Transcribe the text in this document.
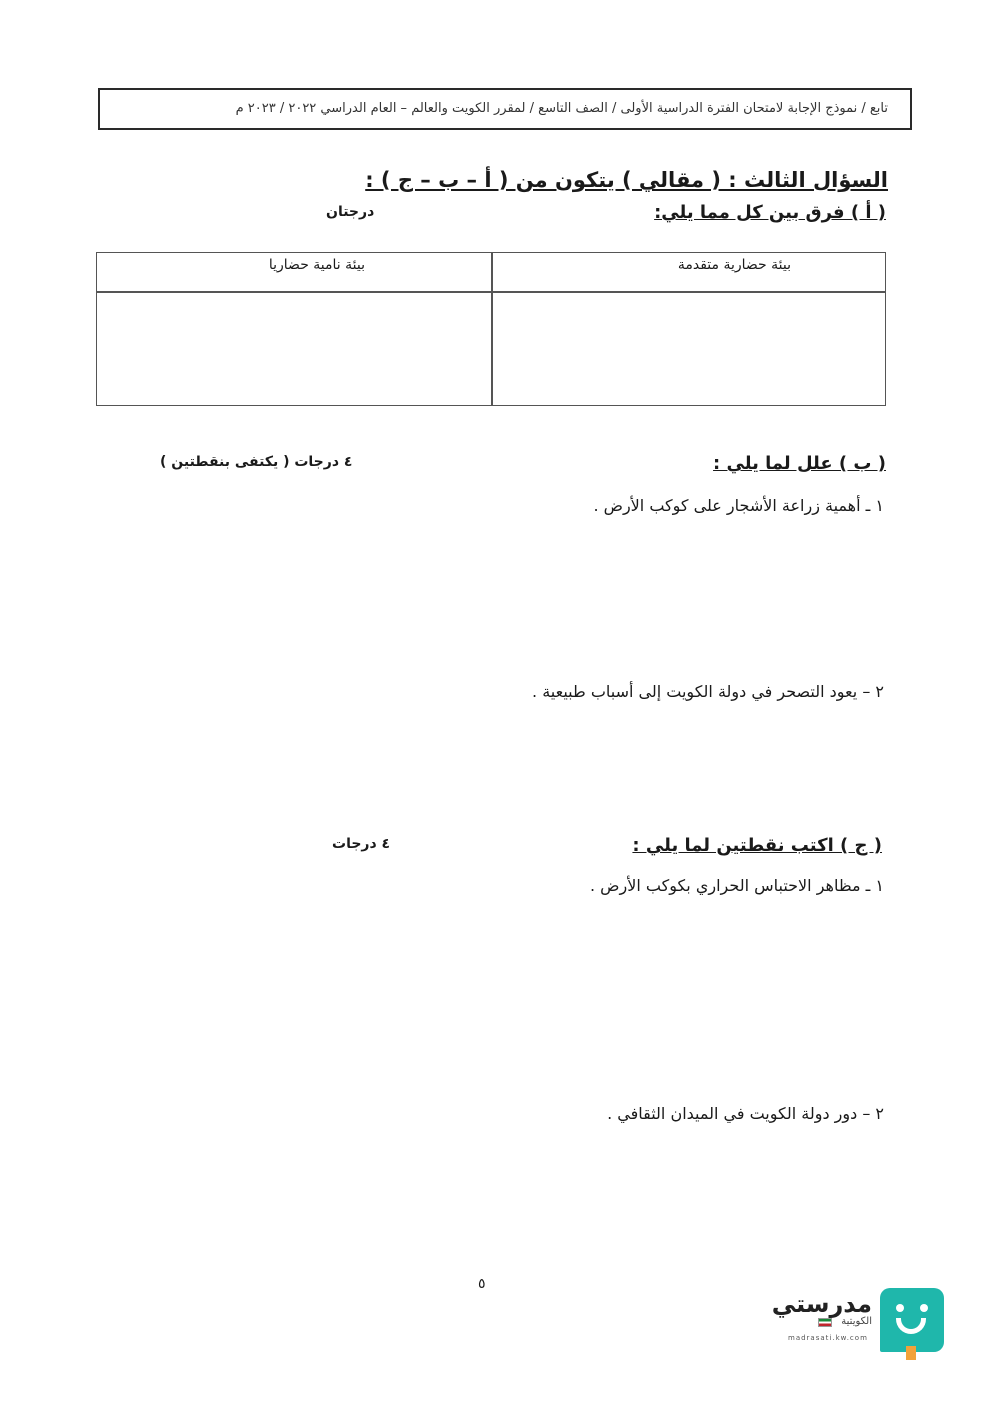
تابع / نموذج الإجابة لامتحان الفترة الدراسية الأولى / الصف التاسع / لمقرر الكويت والعالم – العام الدراسي ٢٠٢٢ / ٢٠٢٣ م
السؤال الثالث : ( مقالي ) يتكون من ( أ – ب – ج ) :
( أ ) فرق بين كل مما يلي:
درجتان
بيئة حضارية متقدمة
بيئة نامية حضاريا
( ب ) علل لما يلي :
٤ درجات ( يكتفى بنقطتين )
١ ـ أهمية زراعة الأشجار على كوكب الأرض .
٢ – يعود التصحر في دولة الكويت إلى أسباب طبيعية .
( ج ) اكتب نقطتين لما يلي :
٤ درجات
١ ـ مظاهر الاحتباس الحراري بكوكب الأرض .
٢ – دور دولة الكويت في الميدان الثقافي .
٥
مدرستي
الكويتية
madrasati.kw.com
